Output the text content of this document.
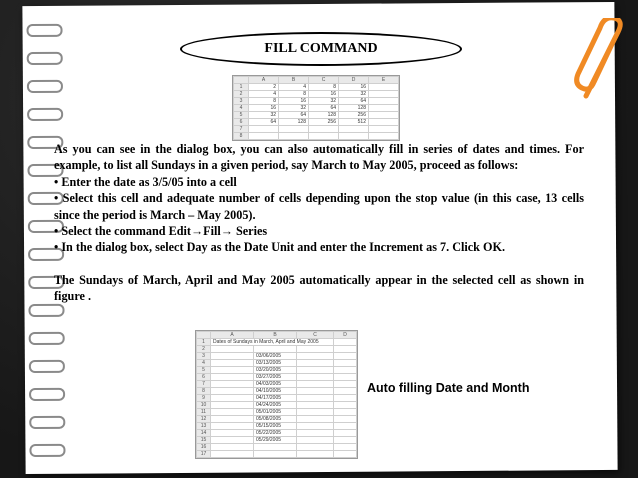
FILL COMMAND
	A	B	C	D	E
1	2	4	8	16	
2	4	8	16	32	
3	8	16	32	64	
4	16	32	64	128	
5	32	64	128	256	
6	64	128	256	512	
7					
8					

As you can see in the dialog box, you can also automatically fill in series of dates and times. For example, to list all Sundays in a given period, say March to May 2005, proceed as follows:

• Enter the date as 3/5/05 into a cell

• Select this cell and adequate number of cells depending upon the stop value (in this case, 13 cells since the period is March – May 2005).

• Select the command Edit→Fill→ Series

• In the dialog box, select Day as the Date Unit and enter the Increment as 7. Click OK.

The Sundays of March, April and May 2005 automatically appear in the selected cell as shown in figure .

	A	B	C	D
1	Dates of Sundays in March, April and May 2005			
2				
3		03/06/2005		
4		03/13/2005		
5		03/20/2005		
6		03/27/2005		
7		04/03/2005		
8		04/10/2005		
9		04/17/2005		
10		04/24/2005		
11		05/01/2005		
12		05/08/2005		
13		05/15/2005		
14		05/22/2005		
15		05/29/2005		
16				
17				
Auto filling Date and Month
